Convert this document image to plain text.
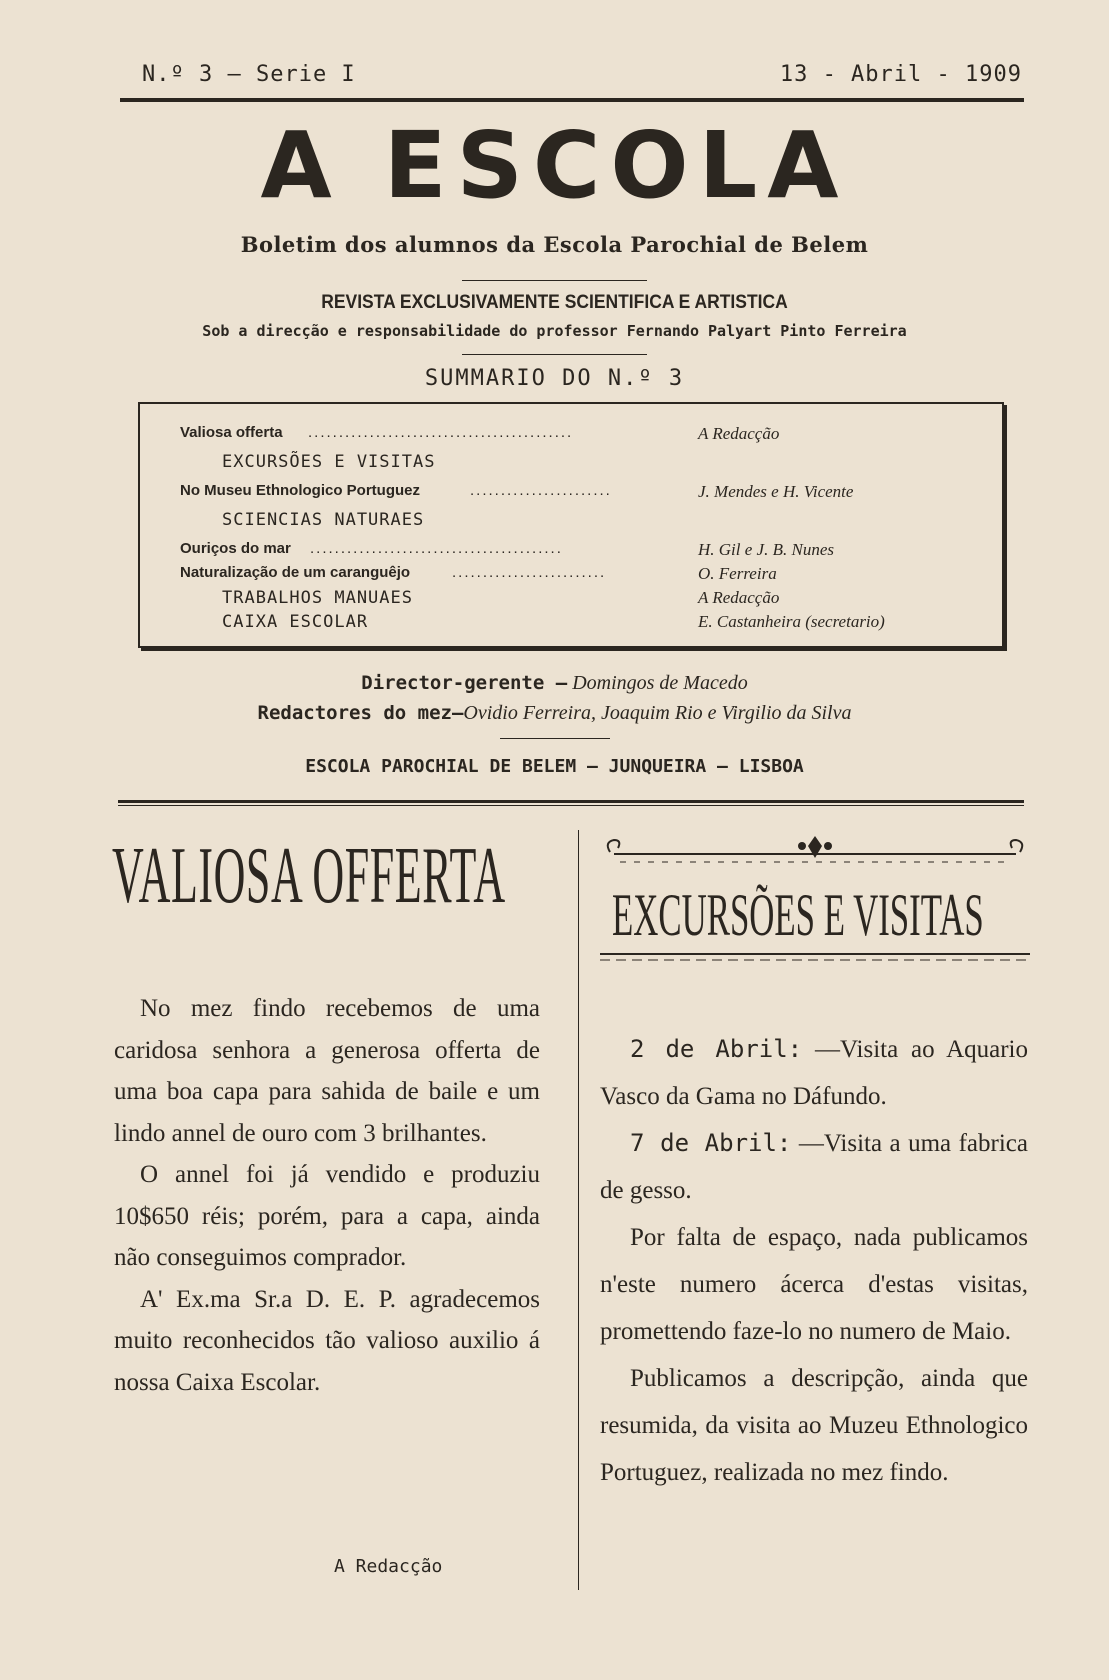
N.º 3 — Serie I	13 - Abril - 1909
A ESCOLA
Boletim dos alumnos da Escola Parochial de Belem
REVISTA EXCLUSIVAMENTE SCIENTIFICA E ARTISTICA
Sob a direcção e responsabilidade do professor Fernando Palyart Pinto Ferreira
SUMMARIO DO N.º 3
Valiosa offerta ...........................................	A Redacção
EXCURSÕES E VISITAS
No Museu Ethnologico Portuguez	.......................	J. Mendes e H. Vicente
SCIENCIAS NATURAES
Ouriços do mar .........................................	H. Gil e J. B. Nunes
Naturalização de um caranguêjo	.........................	O. Ferreira
TRABALHOS MANUAES	A Redacção
CAIXA ESCOLAR	E. Castanheira (secretario)
Director-gerente — Domingos de Macedo
Redactores do mez—Ovidio Ferreira, Joaquim Rio e Virgilio da Silva
ESCOLA PAROCHIAL DE BELEM — JUNQUEIRA — LISBOA
VALIOSA OFFERTA

No mez findo recebemos de uma caridosa senhora a generosa offerta de uma boa capa para sahida de baile e um lindo annel de ouro com 3 brilhantes.

O annel foi já vendido e produziu 10$650 réis; porém, para a capa, ainda não conseguimos comprador.

A' Ex.ma Sr.a D. E. P. agradecemos muito reconhecidos tão valioso auxilio á nossa Caixa Escolar.

A Redacção
EXCURSÕES E VISITAS

2 de Abril: —Visita ao Aquario Vasco da Gama no Dáfundo.

7 de Abril: —Visita a uma fabrica de gesso.

Por falta de espaço, nada publicamos n'este numero ácerca d'estas visitas, promettendo faze-lo no numero de Maio.

Publicamos a descripção, ainda que resumida, da visita ao Muzeu Ethnologico Portuguez, realizada no mez findo.
